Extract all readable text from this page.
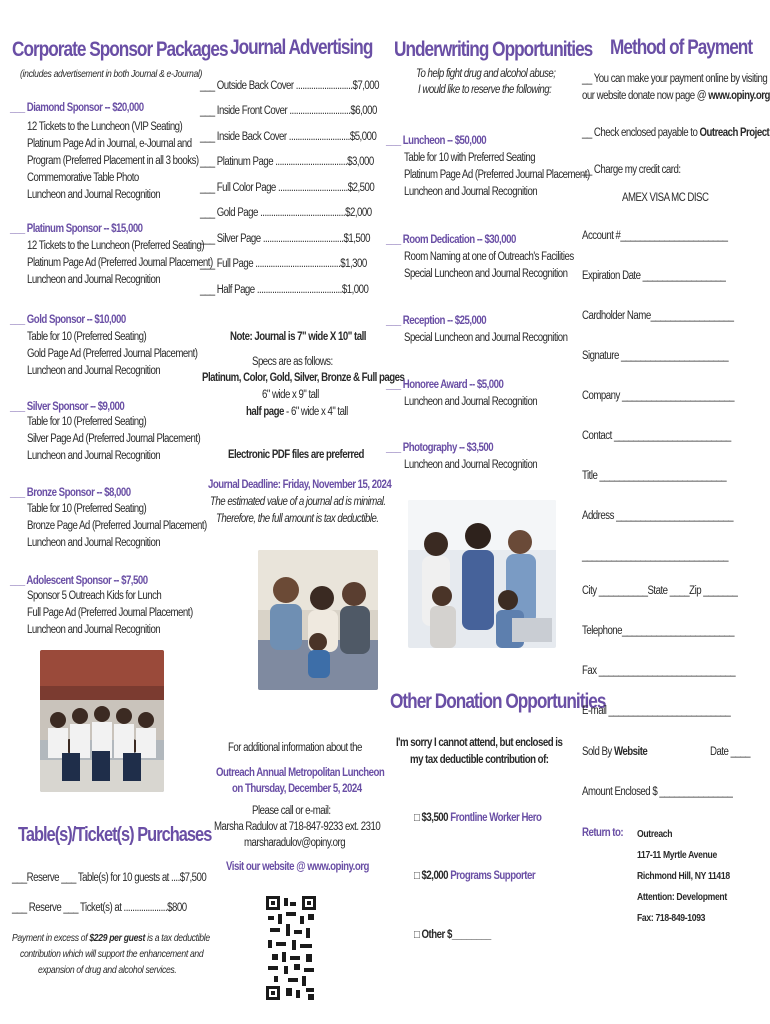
Corporate Sponsor Packages
(includes advertisement in both Journal & e-Journal)
___ Diamond Sponsor -- $20,000
12 Tickets to the Luncheon (VIP Seating)
Platinum Page Ad in Journal, e-Journal and
Program (Preferred Placement in all 3 books)
Commemorative Table Photo
Luncheon and Journal Recognition
___ Platinum Sponsor -- $15,000
12 Tickets to the Luncheon (Preferred Seating)
Platinum Page Ad (Preferred Journal Placement)
Luncheon and Journal Recognition
___ Gold Sponsor -- $10,000
Table for 10 (Preferred Seating)
Gold Page Ad (Preferred Journal Placement)
Luncheon and Journal Recognition
___ Silver Sponsor -- $9,000
Table for 10 (Preferred Seating)
Silver Page Ad (Preferred Journal Placement)
Luncheon and Journal Recognition
___ Bronze Sponsor -- $8,000
Table for 10 (Preferred Seating)
Bronze Page Ad (Preferred Journal Placement)
Luncheon and Journal Recognition
___ Adolescent Sponsor -- $7,500
Sponsor 5 Outreach Kids for Lunch
Full Page Ad (Preferred Journal Placement)
Luncheon and Journal Recognition
Table(s)/Ticket(s) Purchases
___Reserve ___ Table(s) for 10 guests at ....$7,500
___ Reserve ___ Ticket(s) at ....................$800
Payment in excess of $229 per guest is a tax deductible
contribution which will support the enhancement and
expansion of drug and alcohol services.
Journal Advertising
___ Outside Back Cover ..........................$7,000
___ Inside Front Cover ............................$6,000
___ Inside Back Cover ............................$5,000
___ Platinum Page .................................$3,000
___ Full Color Page ................................$2,500
___ Gold Page .......................................$2,000
___ Silver Page .....................................$1,500
___ Full Page .......................................$1,300
___ Half Page .......................................$1,000
Note: Journal is 7" wide X 10" tall
Specs are as follows:
Platinum, Color, Gold, Silver, Bronze & Full pages
6" wide x 9" tall
half page - 6" wide x 4" tall
Electronic PDF files are preferred
Journal Deadline: Friday, November 15, 2024
The estimated value of a journal ad is minimal.
Therefore, the full amount is tax deductible.
For additional information about the
Outreach Annual Metropolitan Luncheon
on Thursday, December 5, 2024
Please call or e-mail:
Marsha Radulov at 718-847-9233 ext. 2310
marsharadulov@opiny.org
Visit our website @ www.opiny.org
Underwriting Opportunities
To help fight drug and alcohol abuse;
I would like to reserve the following:
___ Luncheon -- $50,000
Table for 10 with Preferred Seating
Platinum Page Ad (Preferred Journal Placement)
Luncheon and Journal Recognition
___ Room Dedication -- $30,000
Room Naming at one of Outreach's Facilities
Special Luncheon and Journal Recognition
___ Reception -- $25,000
Special Luncheon and Journal Recognition
___ Honoree Award -- $5,000
Luncheon and Journal Recognition
___ Photography -- $3,500
Luncheon and Journal Recognition
Other Donation Opportunities
I'm sorry I cannot attend, but enclosed is
my tax deductible contribution of:
□ $3,500 Frontline Worker Hero
□ $2,000 Programs Supporter
□ Other $________
Method of Payment
__ You can make your payment online by visiting
our website donate now page @ www.opiny.org
__ Check enclosed payable to Outreach Project
__ Charge my credit card:
AMEX VISA MC DISC
Account #______________________
Expiration Date _________________
Cardholder Name_________________
Signature ______________________
Company _______________________
Contact ________________________
Title __________________________
Address ________________________
______________________________
City __________State ____Zip _______
Telephone_______________________
Fax ____________________________
E-mail _________________________
Sold By Website	Date ____
Amount Enclosed $ _______________
Return to: Outreach
117-11 Myrtle Avenue
Richmond Hill, NY 11418
Attention: Development
Fax: 718-849-1093
